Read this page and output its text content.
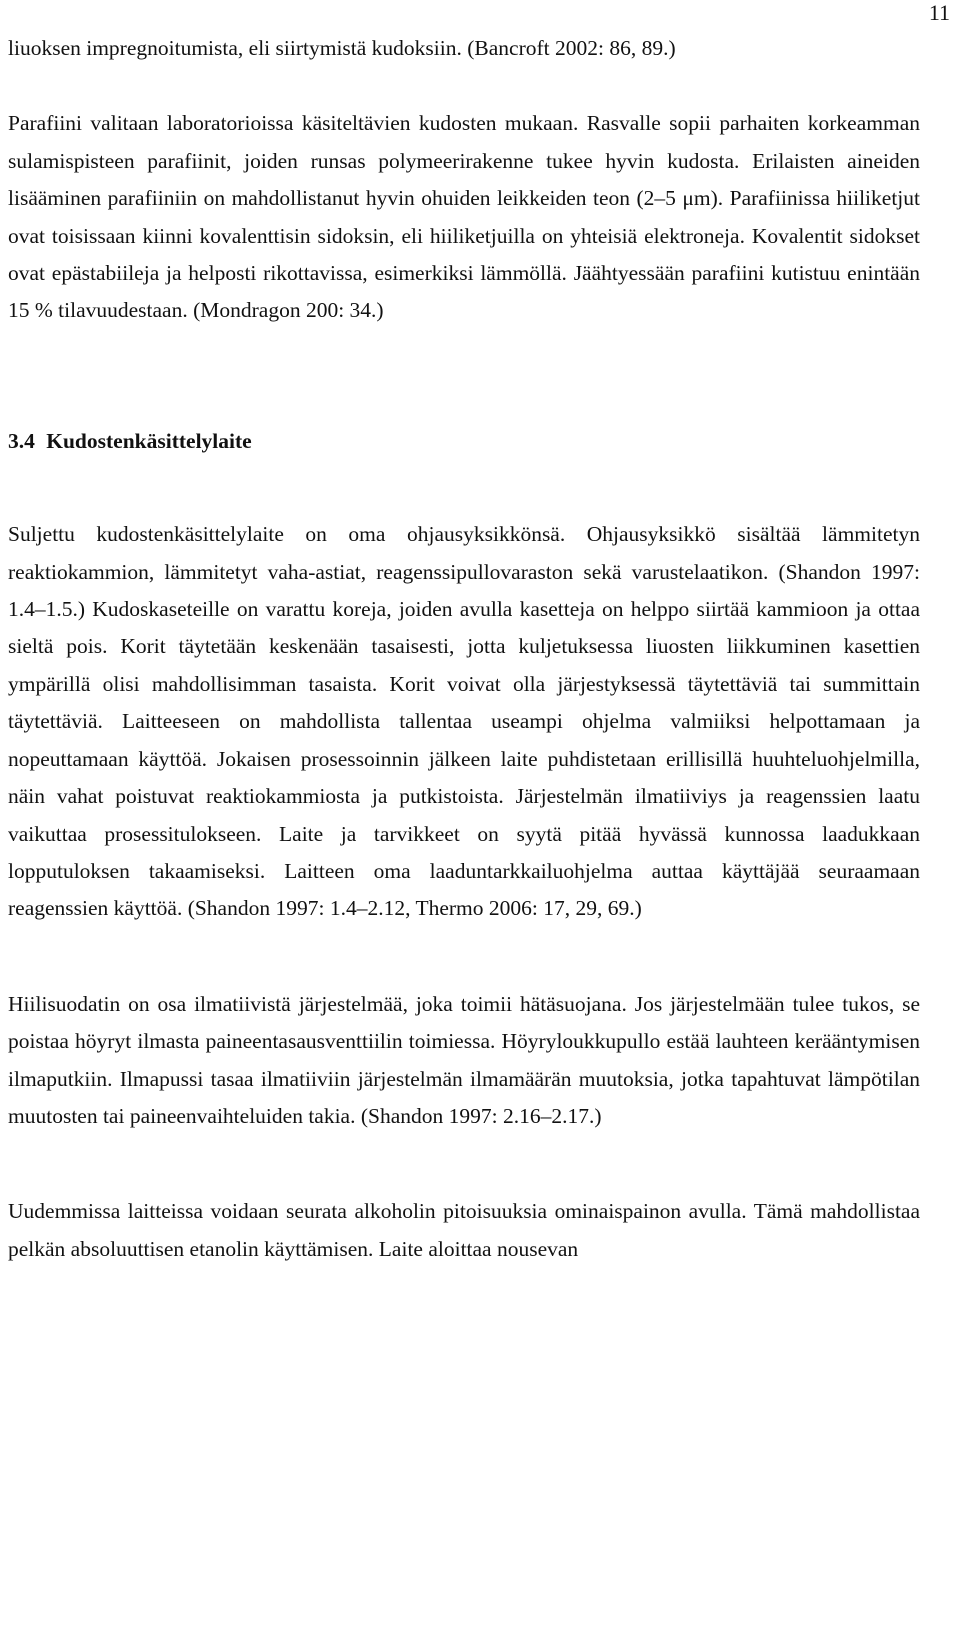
11

liuoksen impregnoitumista, eli siirtymistä kudoksiin. (Bancroft 2002: 86, 89.)

Parafiini valitaan laboratorioissa käsiteltävien kudosten mukaan. Rasvalle sopii parhaiten korkeamman sulamispisteen parafiinit, joiden runsas polymeerirakenne tukee hyvin kudosta. Erilaisten aineiden lisääminen parafiiniin on mahdollistanut hyvin ohuiden leikkeiden teon (2–5 μm). Parafiinissa hiiliketjut ovat toisissaan kiinni kovalenttisin sidoksin, eli hiiliketjuilla on yhteisiä elektroneja. Kovalentit sidokset ovat epästabiileja ja helposti rikottavissa, esimerkiksi lämmöllä. Jäähtyessään parafiini kutistuu enintään 15 % tilavuudestaan. (Mondragon 200: 34.)

3.4 Kudostenkäsittelylaite

Suljettu kudostenkäsittelylaite on oma ohjausyksikkönsä. Ohjausyksikkö sisältää lämmitetyn reaktiokammion, lämmitetyt vaha-astiat, reagenssipullovaraston sekä varustelaatikon. (Shandon 1997: 1.4–1.5.) Kudoskaseteille on varattu koreja, joiden avulla kasetteja on helppo siirtää kammioon ja ottaa sieltä pois. Korit täytetään keskenään tasaisesti, jotta kuljetuksessa liuosten liikkuminen kasettien ympärillä olisi mahdollisimman tasaista. Korit voivat olla järjestyksessä täytettäviä tai summittain täytettäviä. Laitteeseen on mahdollista tallentaa useampi ohjelma valmiiksi helpottamaan ja nopeuttamaan käyttöä. Jokaisen prosessoinnin jälkeen laite puhdistetaan erillisillä huuhteluohjelmilla, näin vahat poistuvat reaktiokammiosta ja putkistoista. Järjestelmän ilmatiiviys ja reagenssien laatu vaikuttaa prosessitulokseen. Laite ja tarvikkeet on syytä pitää hyvässä kunnossa laadukkaan lopputuloksen takaamiseksi. Laitteen oma laaduntarkkailuohjelma auttaa käyttäjää seuraamaan reagenssien käyttöä. (Shandon 1997: 1.4–2.12, Thermo 2006: 17, 29, 69.)

Hiilisuodatin on osa ilmatiivistä järjestelmää, joka toimii hätäsuojana. Jos järjestelmään tulee tukos, se poistaa höyryt ilmasta paineentasausventtiilin toimiessa. Höyryloukkupullo estää lauhteen kerääntymisen ilmaputkiin. Ilmapussi tasaa ilmatiiviin järjestelmän ilmamäärän muutoksia, jotka tapahtuvat lämpötilan muutosten tai paineenvaihteluiden takia. (Shandon 1997: 2.16–2.17.)

Uudemmissa laitteissa voidaan seurata alkoholin pitoisuuksia ominaispainon avulla. Tämä mahdollistaa pelkän absoluuttisen etanolin käyttämisen. Laite aloittaa nousevan
